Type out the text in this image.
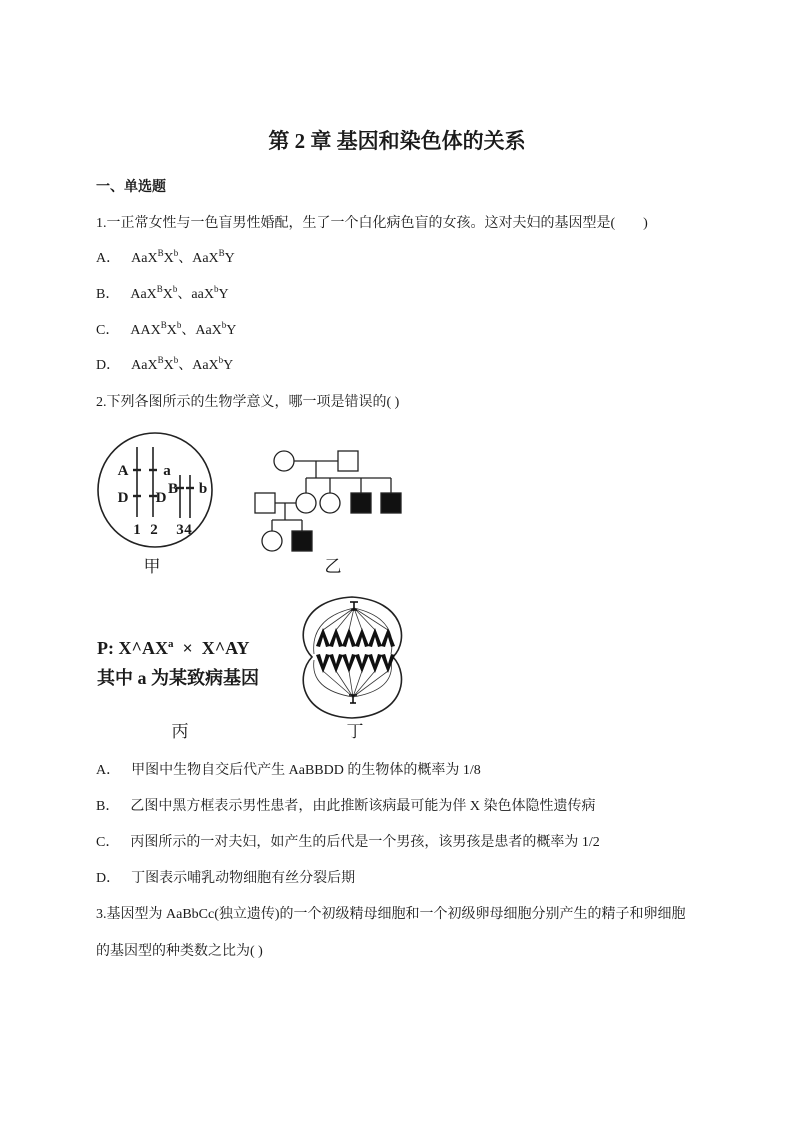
第 2 章 基因和染色体的关系
一、单选题
1.一正常女性与一色盲男性婚配，生了一个白化病色盲的女孩。这对夫妇的基因型是(　　)
A． $AaX^BX^b$、AaX$^B$Y
B． $AaX^BX^b$、aaX$^b$Y
C． $AAX^BX^b$、AaX$^b$Y
D． $AaX^BX^b$、AaX$^b$Y
2.下列各图所示的生物学意义，哪一项是错误的( )
A
D
a
D
B b
1 2 3 4
甲	乙
P: $X\^{}AX^a$  ×  X^AY
其中 a 为某致病基因
丙	丁
A． 甲图中生物自交后代产生 AaBBDD 的生物体的概率为 1/8
B． 乙图中黑方框表示男性患者，由此推断该病最可能为伴 X 染色体隐性遗传病
C． 丙图所示的一对夫妇，如产生的后代是一个男孩，该男孩是患者的概率为 1/2
D． 丁图表示哺乳动物细胞有丝分裂后期
3.基因型为 AaBbCc(独立遗传)的一个初级精母细胞和一个初级卵母细胞分别产生的精子和卵细胞
的基因型的种类数之比为( )
